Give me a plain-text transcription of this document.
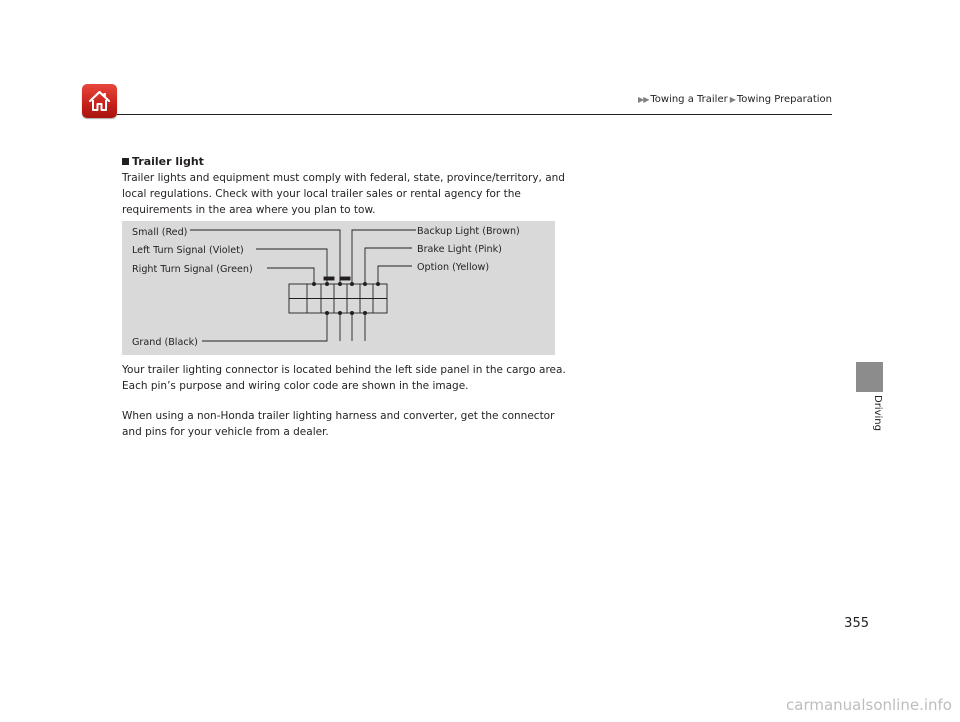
▶▶ Towing a Trailer ▶ Towing Preparation
Trailer light
Trailer lights and equipment must comply with federal, state, province/territory, and
local regulations. Check with your local trailer sales or rental agency for the
requirements in the area where you plan to tow.
Small (Red)
Left Turn Signal (Violet)
Right Turn Signal (Green)
Grand (Black)
Backup Light (Brown)
Brake Light (Pink)
Option (Yellow)
Your trailer lighting connector is located behind the left side panel in the cargo area.
Each pin’s purpose and wiring color code are shown in the image.
When using a non-Honda trailer lighting harness and converter, get the connector
and pins for your vehicle from a dealer.
Driving
355
carmanualsonline.info
